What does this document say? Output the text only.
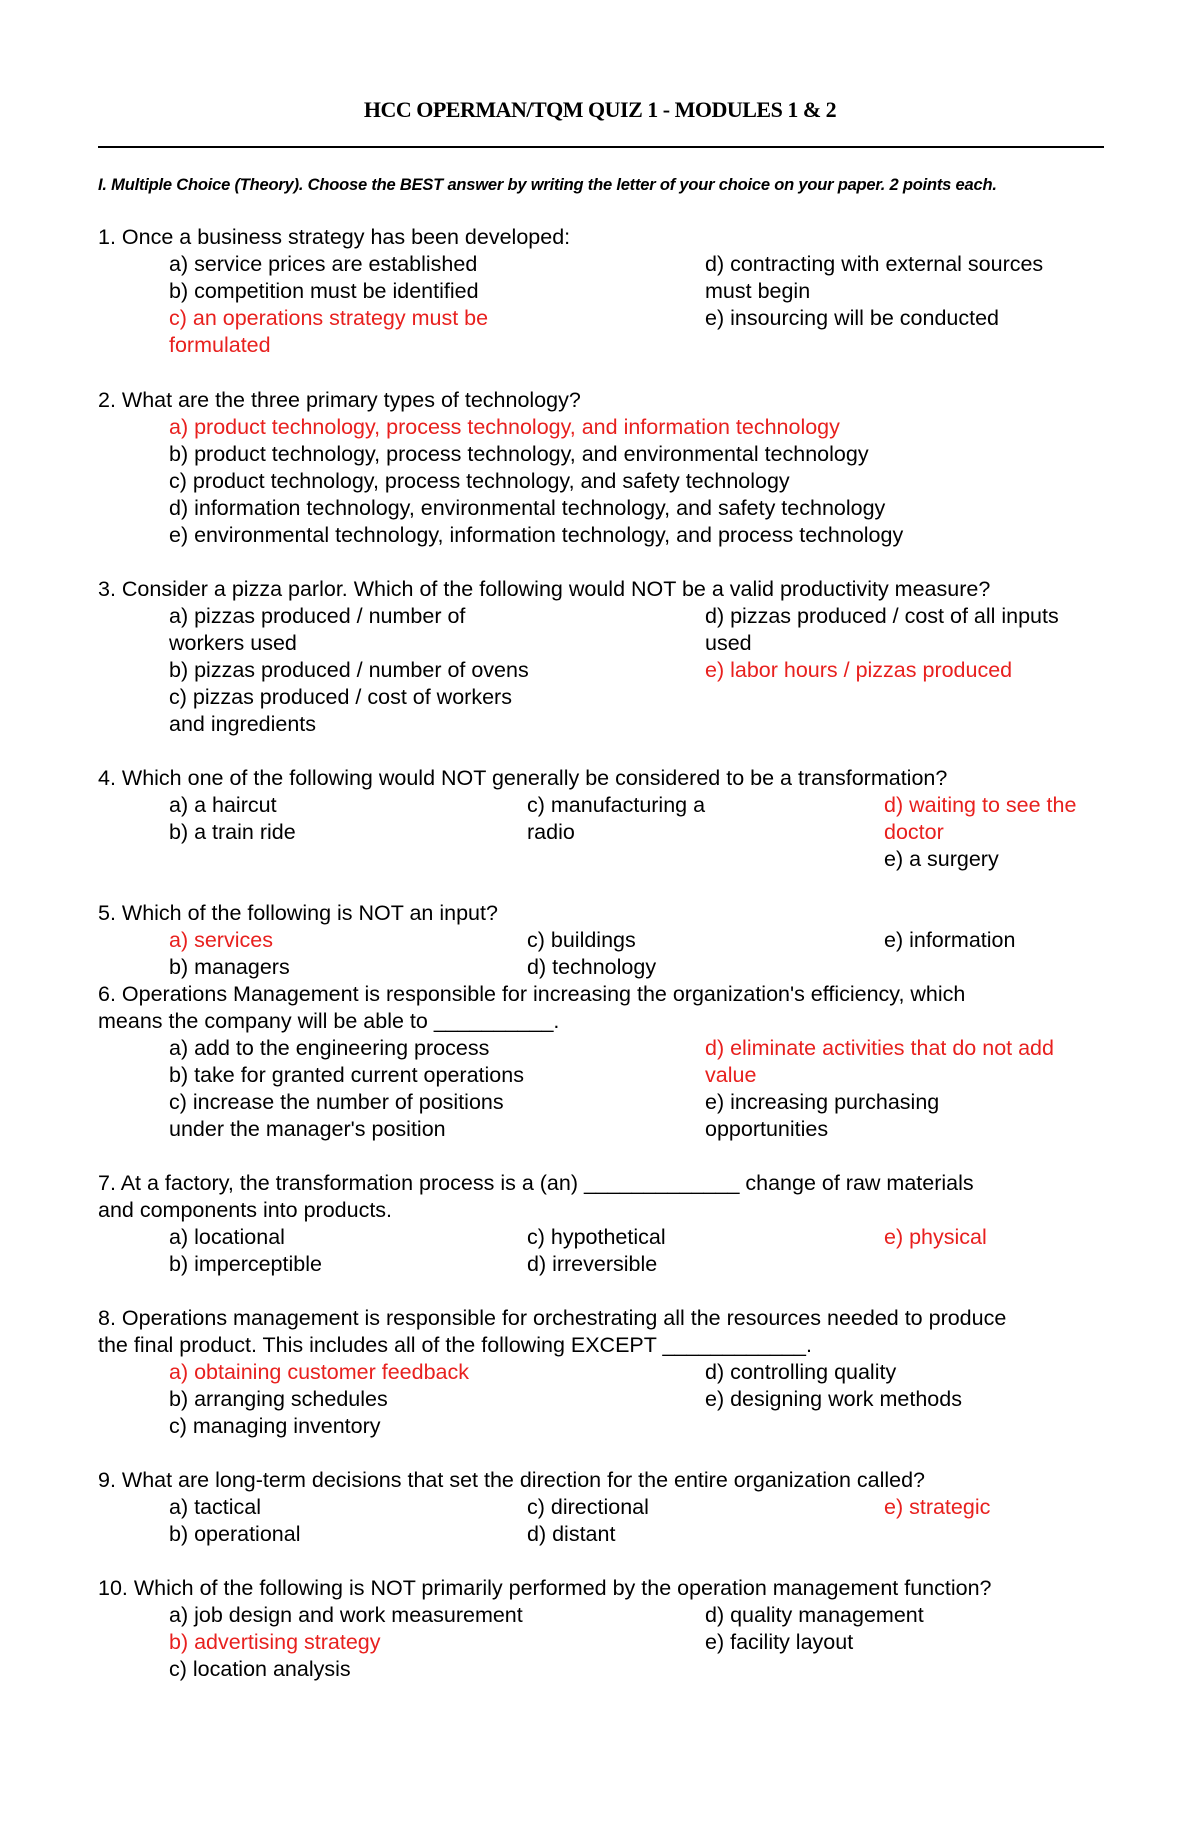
HCC OPERMAN/TQM QUIZ 1 - MODULES 1 & 2
I. Multiple Choice (Theory). Choose the BEST answer by writing the letter of your choice on your paper. 2 points each.
1. Once a business strategy has been developed:
a) service prices are established
b) competition must be identified
c) an operations strategy must be
formulated
d) contracting with external sources
must begin
e) insourcing will be conducted
2. What are the three primary types of technology?
a) product technology, process technology, and information technology
b) product technology, process technology, and environmental technology
c) product technology, process technology, and safety technology
d) information technology, environmental technology, and safety technology
e) environmental technology, information technology, and process technology
3. Consider a pizza parlor. Which of the following would NOT be a valid productivity measure?
a) pizzas produced / number of
workers used
b) pizzas produced / number of ovens
c) pizzas produced / cost of workers
and ingredients
d) pizzas produced / cost of all inputs
used
e) labor hours / pizzas produced
4. Which one of the following would NOT generally be considered to be a transformation?
a) a haircut
b) a train ride
c) manufacturing a
radio
d) waiting to see the
doctor
e) a surgery
5. Which of the following is NOT an input?
a) services
b) managers
c) buildings
d) technology
e) information
6. Operations Management is responsible for increasing the organization's efficiency, which
means the company will be able to __________.
a) add to the engineering process
b) take for granted current operations
c) increase the number of positions
under the manager's position
d) eliminate activities that do not add
value
e) increasing purchasing
opportunities
7. At a factory, the transformation process is a (an) _____________ change of raw materials
and components into products.
a) locational
b) imperceptible
c) hypothetical
d) irreversible
e) physical
8. Operations management is responsible for orchestrating all the resources needed to produce
the final product. This includes all of the following EXCEPT ____________.
a) obtaining customer feedback
b) arranging schedules
c) managing inventory
d) controlling quality
e) designing work methods
9. What are long-term decisions that set the direction for the entire organization called?
a) tactical
b) operational
c) directional
d) distant
e) strategic
10. Which of the following is NOT primarily performed by the operation management function?
a) job design and work measurement
b) advertising strategy
c) location analysis
d) quality management
e) facility layout
